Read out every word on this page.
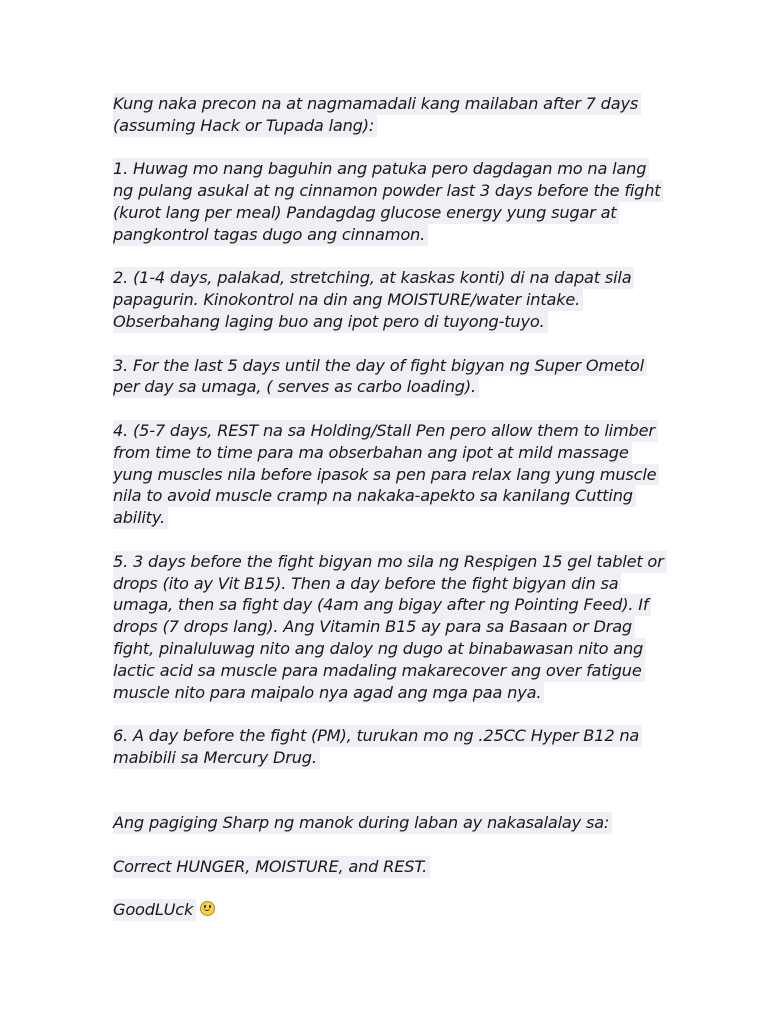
Kung naka precon na at nagmamadali kang mailaban after 7 days
(assuming Hack or Tupada lang):
1. Huwag mo nang baguhin ang patuka pero dagdagan mo na lang
ng pulang asukal at ng cinnamon powder last 3 days before the fight
(kurot lang per meal) Pandagdag glucose energy yung sugar at
pangkontrol tagas dugo ang cinnamon.
2. (1-4 days, palakad, stretching, at kaskas konti) di na dapat sila
papagurin. Kinokontrol na din ang MOISTURE/water intake.
Obserbahang laging buo ang ipot pero di tuyong-tuyo.
3. For the last 5 days until the day of fight bigyan ng Super Ometol
per day sa umaga, ( serves as carbo loading).
4. (5-7 days, REST na sa Holding/Stall Pen pero allow them to limber
from time to time para ma obserbahan ang ipot at mild massage
yung muscles nila before ipasok sa pen para relax lang yung muscle
nila to avoid muscle cramp na nakaka-apekto sa kanilang Cutting
ability.
5. 3 days before the fight bigyan mo sila ng Respigen 15 gel tablet or
drops (ito ay Vit B15). Then a day before the fight bigyan din sa
umaga, then sa fight day (4am ang bigay after ng Pointing Feed). If
drops (7 drops lang). Ang Vitamin B15 ay para sa Basaan or Drag
fight, pinaluluwag nito ang daloy ng dugo at binabawasan nito ang
lactic acid sa muscle para madaling makarecover ang over fatigue
muscle nito para maipalo nya agad ang mga paa nya.
6. A day before the fight (PM), turukan mo ng .25CC Hyper B12 na
mabibili sa Mercury Drug.
Ang pagiging Sharp ng manok during laban ay nakasalalay sa:
Correct HUNGER, MOISTURE, and REST.
GoodLUck
